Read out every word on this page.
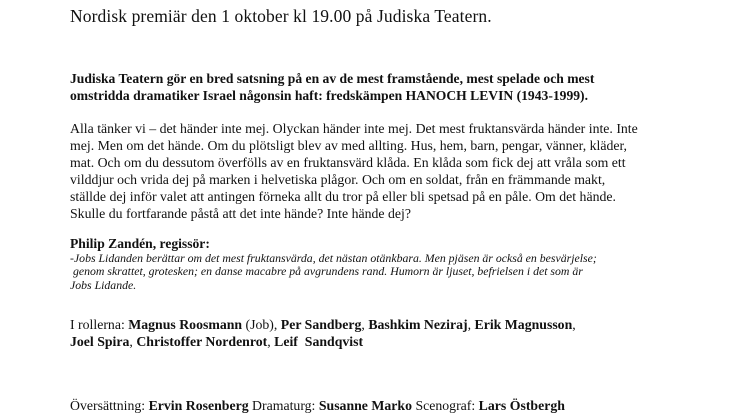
Nordisk premiär den 1 oktober kl 19.00 på Judiska Teatern.
Judiska Teatern gör en bred satsning på en av de mest framstående, mest spelade och mest
omstridda dramatiker Israel någonsin haft: fredskämpen HANOCH LEVIN (1943-1999).
Alla tänker vi – det händer inte mej. Olyckan händer inte mej. Det mest fruktansvärda händer inte. Inte
mej. Men om det hände. Om du plötsligt blev av med allting. Hus, hem, barn, pengar, vänner, kläder,
mat. Och om du dessutom överfölls av en fruktansvärd klåda. En klåda som fick dej att vråla som ett
vilddjur och vrida dej på marken i helvetiska plågor. Och om en soldat, från en främmande makt,
ställde dej inför valet att antingen förneka allt du tror på eller bli spetsad på en påle. Om det hände.
Skulle du fortfarande påstå att det inte hände? Inte hände dej?
Philip Zandén, regissör:
-Jobs Lidanden berättar om det mest fruktansvärda, det nästan otänkbara. Men pjäsen är också en besvärjelse;
genom skrattet, grotesken; en danse macabre på avgrundens rand. Humorn är ljuset, befrielsen i det som är
Jobs Lidande.
I rollerna: Magnus Roosmann (Job), Per Sandberg, Bashkim Neziraj, Erik Magnusson,
Joel Spira, Christoffer Nordenrot, Leif  Sandqvist
Översättning: Ervin Rosenberg Dramaturg: Susanne Marko Scenograf: Lars Östbergh
